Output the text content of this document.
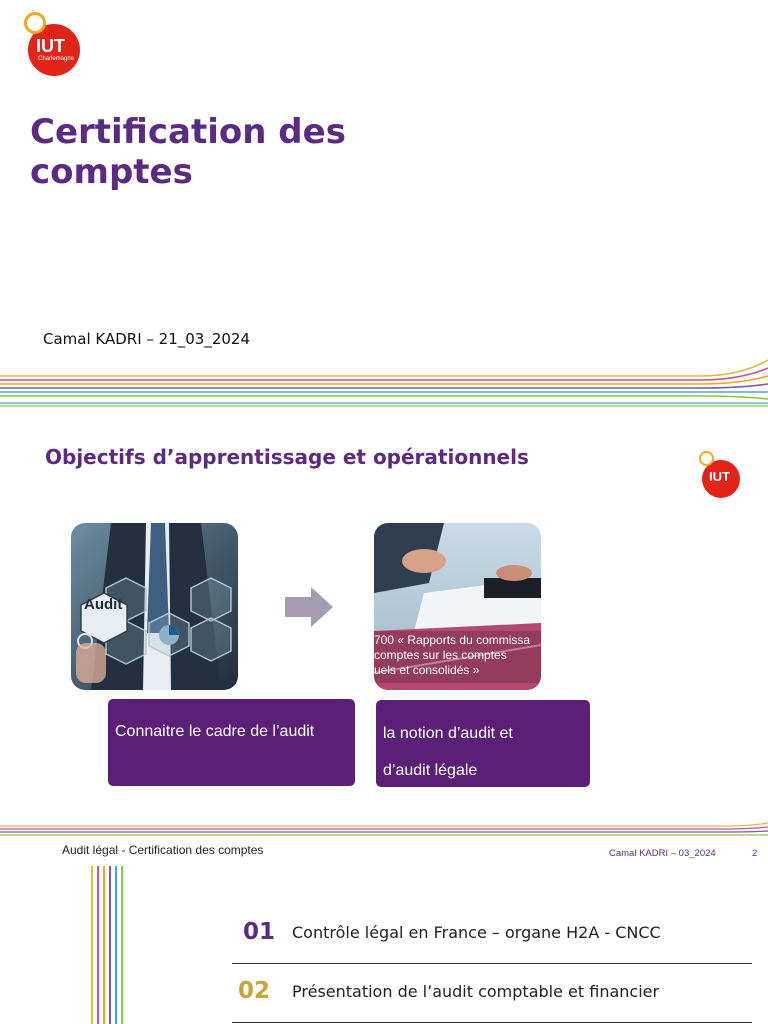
IUT
Charlemagne
Certification des
comptes
Camal KADRI – 21_03_2024
Objectifs d’apprentissage et opérationnels
IUT
Audit
700 « Rapports du commissa
comptes sur les comptes
uels et consolidés »
Connaitre le cadre de l’audit	la notion d’audit et
d’audit légale
Audit légal - Certification des comptes	Camal KADRI – 03_2024	2
01 Contrôle légal en France – organe H2A - CNCC
02 Présentation de l’audit comptable et financier
